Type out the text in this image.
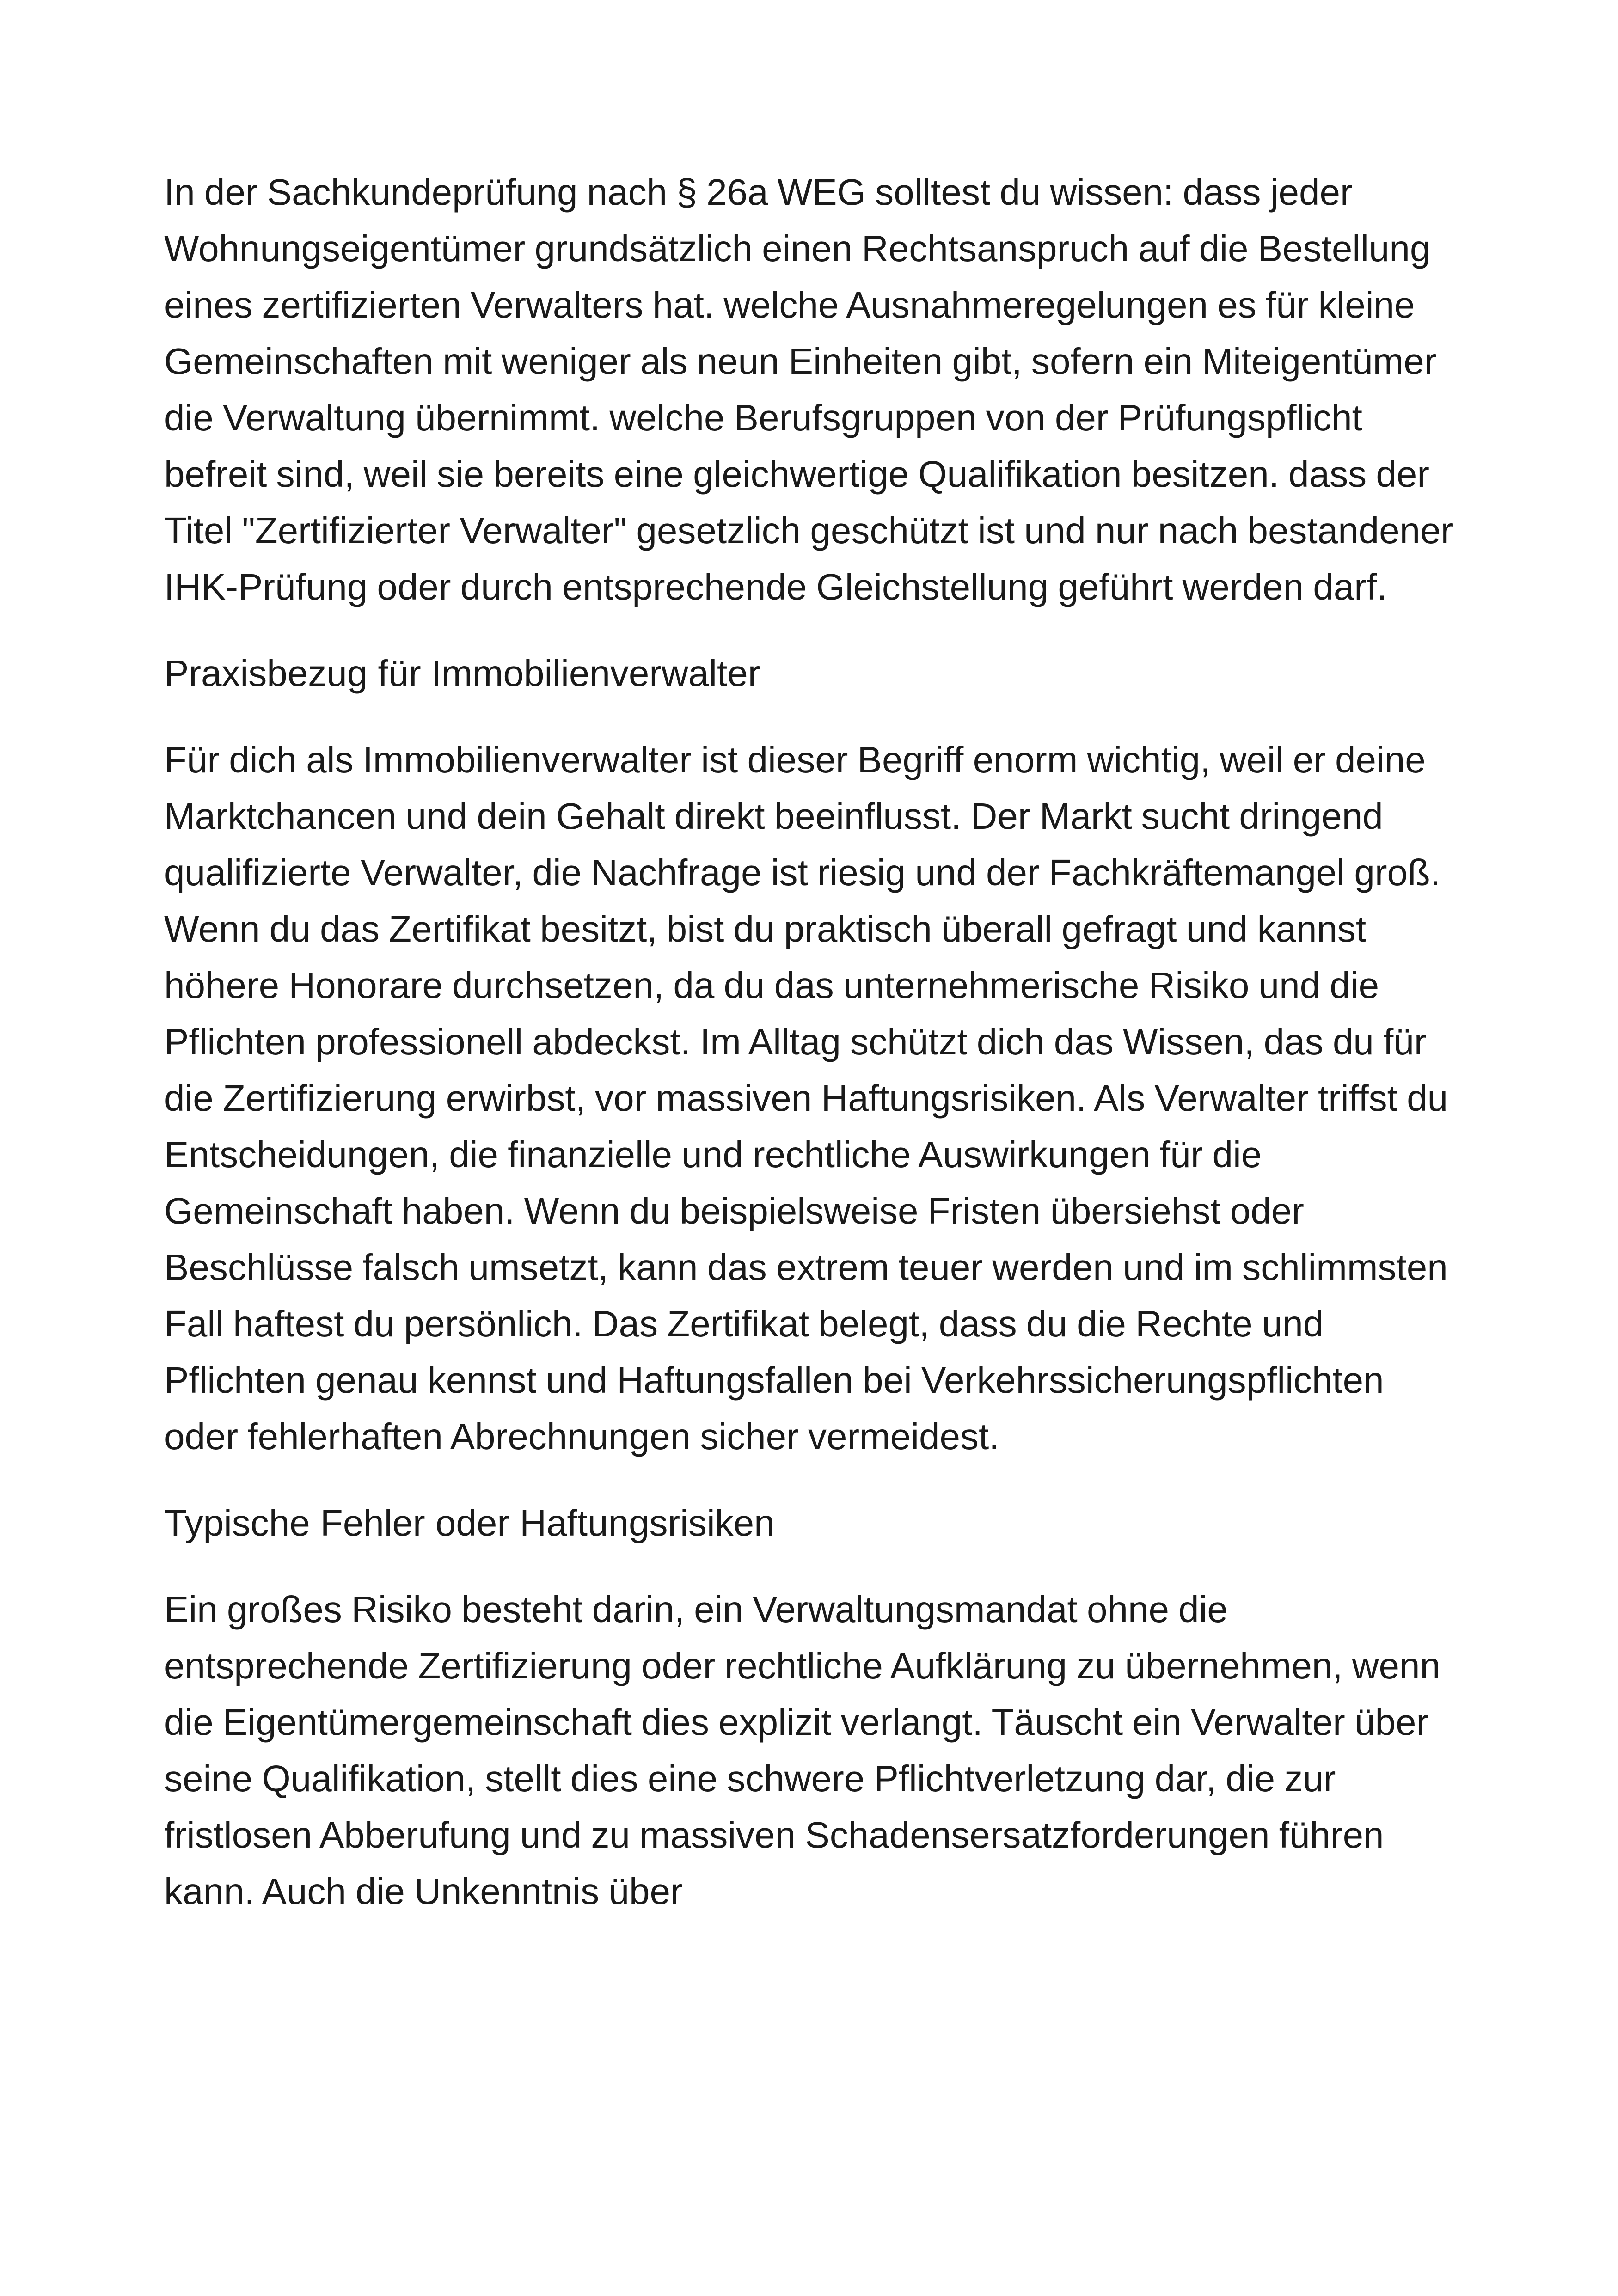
In der Sachkundeprüfung nach § 26a WEG solltest du wissen: dass jeder Wohnungseigentümer grundsätzlich einen Rechtsanspruch auf die Bestellung eines zertifizierten Verwalters hat. welche Ausnahmeregelungen es für kleine Gemeinschaften mit weniger als neun Einheiten gibt, sofern ein Miteigentümer die Verwaltung übernimmt. welche Berufsgruppen von der Prüfungspflicht befreit sind, weil sie bereits eine gleichwertige Qualifikation besitzen. dass der Titel "Zertifizierter Verwalter" gesetzlich geschützt ist und nur nach bestandener IHK-Prüfung oder durch entsprechende Gleichstellung geführt werden darf.

Praxisbezug für Immobilienverwalter

Für dich als Immobilienverwalter ist dieser Begriff enorm wichtig, weil er deine Marktchancen und dein Gehalt direkt beeinflusst. Der Markt sucht dringend qualifizierte Verwalter, die Nachfrage ist riesig und der Fachkräftemangel groß. Wenn du das Zertifikat besitzt, bist du praktisch überall gefragt und kannst höhere Honorare durchsetzen, da du das unternehmerische Risiko und die Pflichten professionell abdeckst. Im Alltag schützt dich das Wissen, das du für die Zertifizierung erwirbst, vor massiven Haftungsrisiken. Als Verwalter triffst du Entscheidungen, die finanzielle und rechtliche Auswirkungen für die Gemeinschaft haben. Wenn du beispielsweise Fristen übersiehst oder Beschlüsse falsch umsetzt, kann das extrem teuer werden und im schlimmsten Fall haftest du persönlich. Das Zertifikat belegt, dass du die Rechte und Pflichten genau kennst und Haftungsfallen bei Verkehrssicherungspflichten oder fehlerhaften Abrechnungen sicher vermeidest.

Typische Fehler oder Haftungsrisiken

Ein großes Risiko besteht darin, ein Verwaltungsmandat ohne die entsprechende Zertifizierung oder rechtliche Aufklärung zu übernehmen, wenn die Eigentümergemeinschaft dies explizit verlangt. Täuscht ein Verwalter über seine Qualifikation, stellt dies eine schwere Pflichtverletzung dar, die zur fristlosen Abberufung und zu massiven Schadensersatzforderungen führen kann. Auch die Unkenntnis über
